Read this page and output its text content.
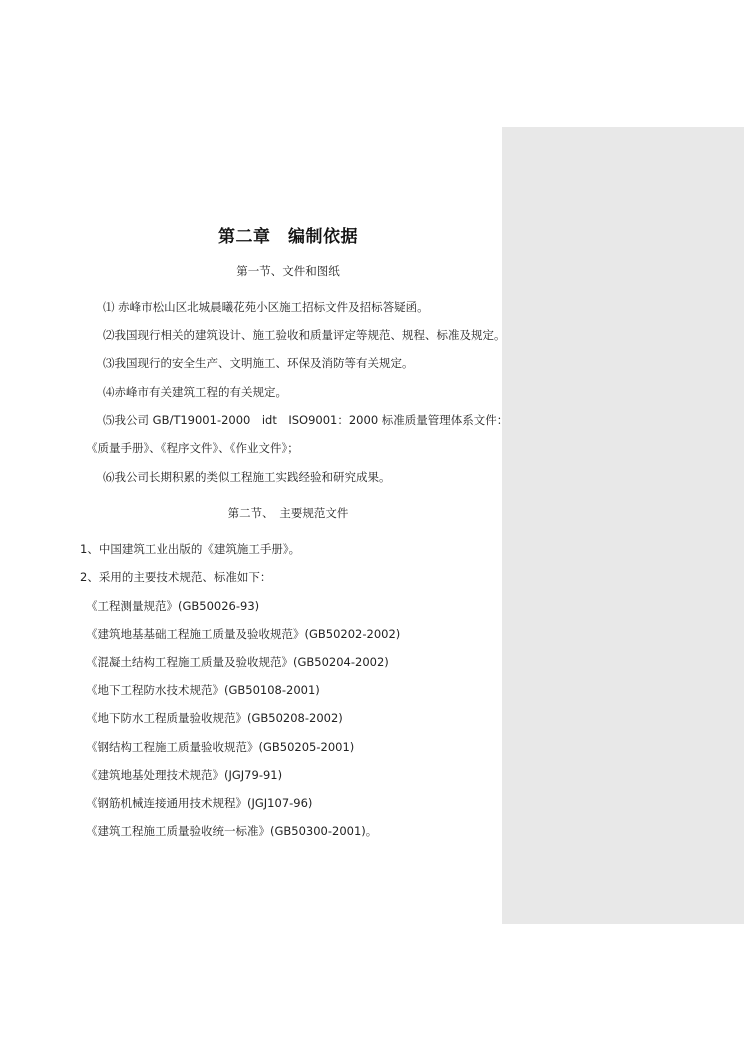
第二章　编制依据
第一节、文件和图纸
⑴ 赤峰市松山区北城晨曦花苑小区施工招标文件及招标答疑函。
⑵我国现行相关的建筑设计、施工验收和质量评定等规范、规程、标准及规定。
⑶我国现行的安全生产、文明施工、环保及消防等有关规定。
⑷赤峰市有关建筑工程的有关规定。
⑸我公司 GB/T19001-2000　idt　ISO9001：2000 标准质量管理体系文件：
《质量手册》、《程序文件》、《作业文件》；
⑹我公司长期积累的类似工程施工实践经验和研究成果。
第二节、　主要规范文件
1、中国建筑工业出版的《建筑施工手册》。
2、采用的主要技术规范、标准如下：
《工程测量规范》(GB50026-93)
《建筑地基基础工程施工质量及验收规范》(GB50202-2002)
《混凝土结构工程施工质量及验收规范》(GB50204-2002)
《地下工程防水技术规范》(GB50108-2001)
《地下防水工程质量验收规范》(GB50208-2002)
《钢结构工程施工质量验收规范》(GB50205-2001)
《建筑地基处理技术规范》(JGJ79-91)
《钢筋机械连接通用技术规程》(JGJ107-96)
《建筑工程施工质量验收统一标准》(GB50300-2001)。
